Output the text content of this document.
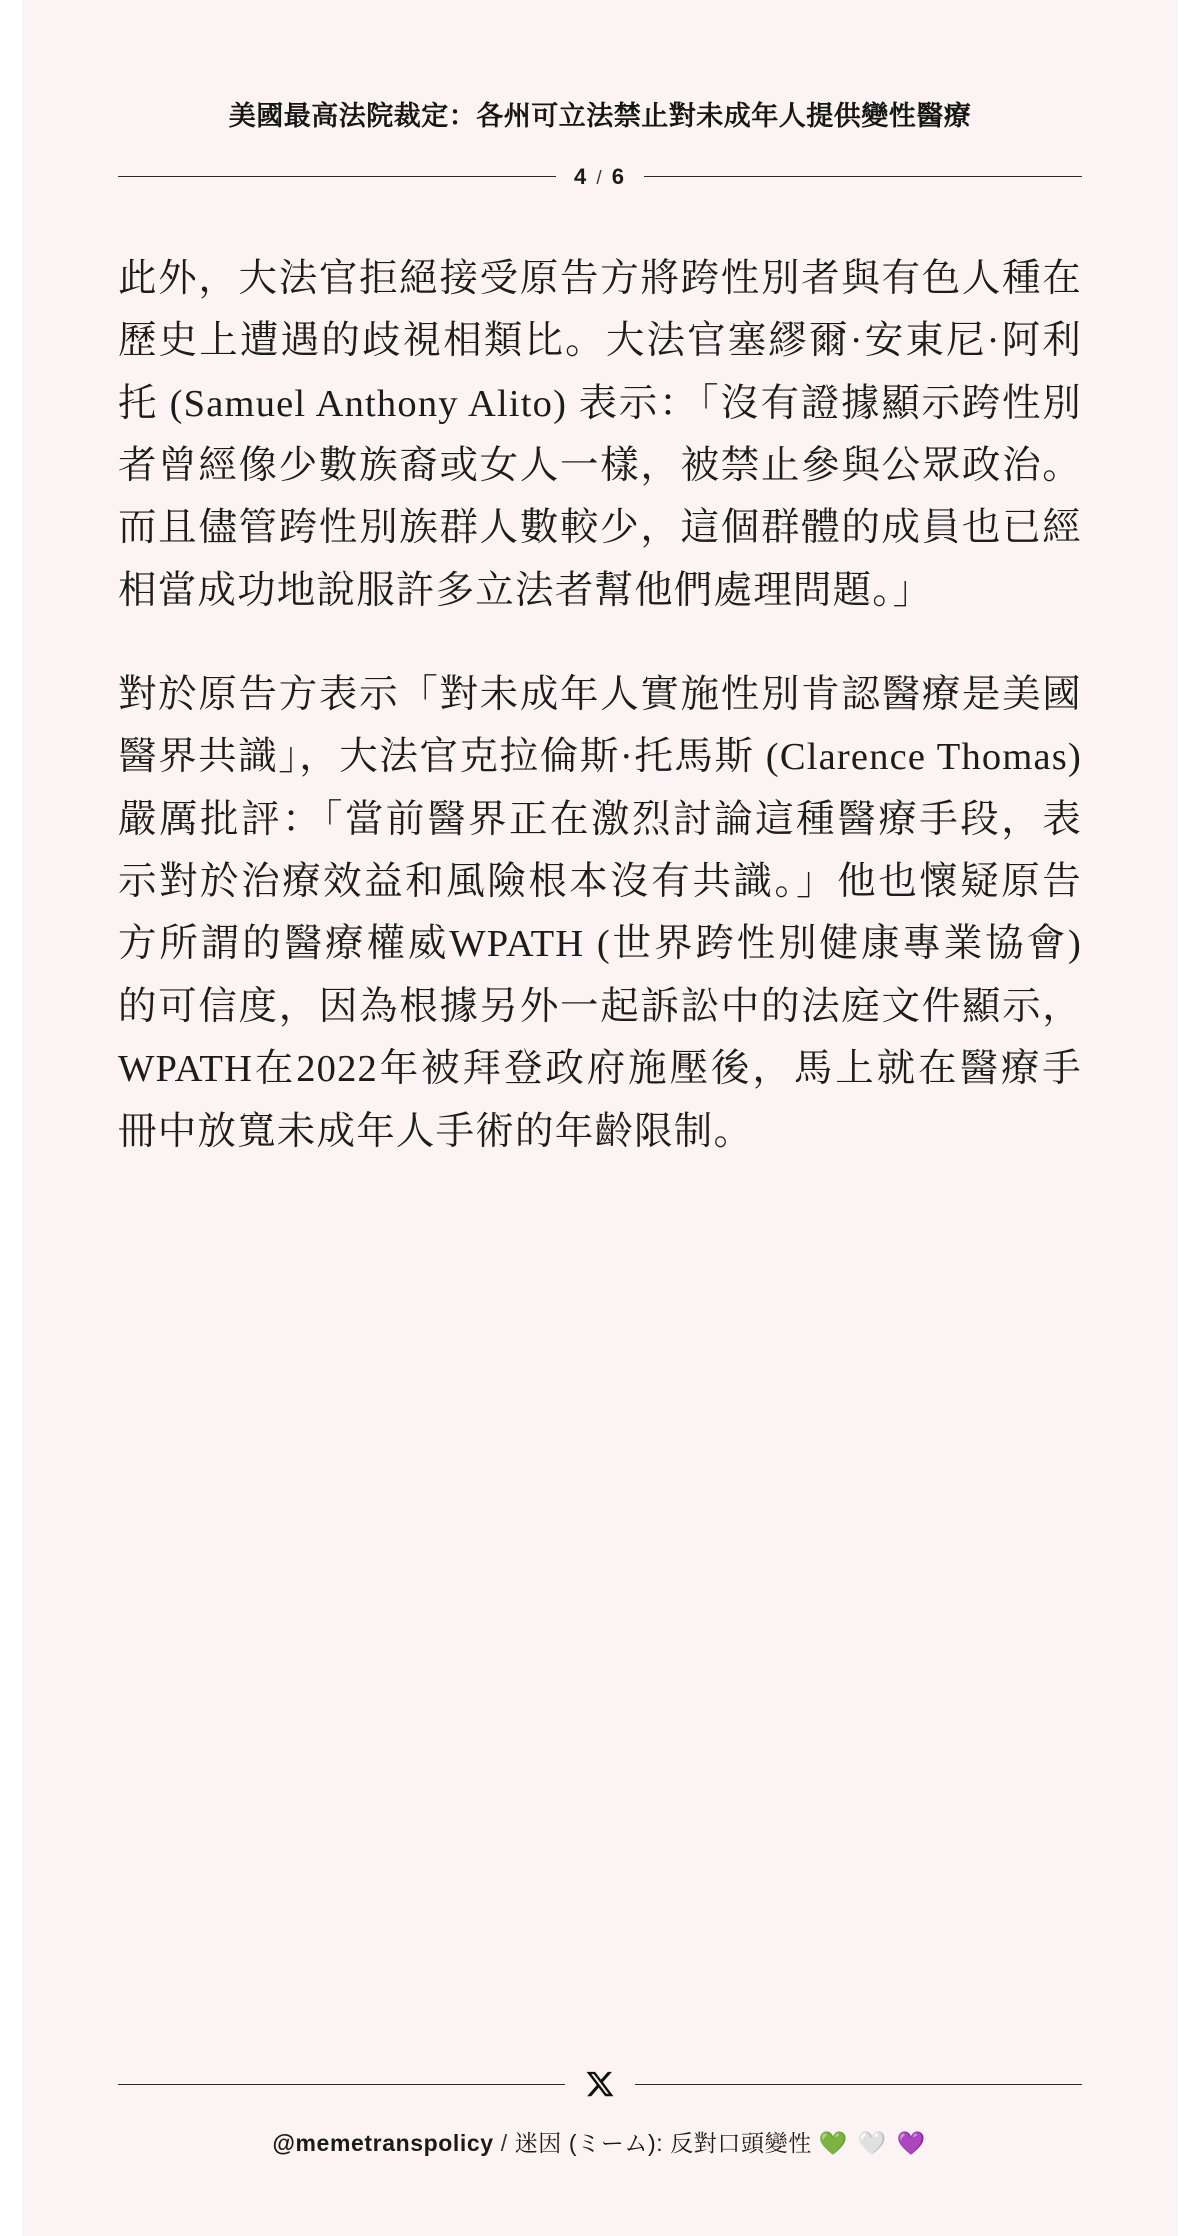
美國最高法院裁定：各州可立法禁止對未成年人提供變性醫療
4 / 6

此外，大法官拒絕接受原告方將跨性別者與有色人種在歷史上遭遇的歧視相類比。大法官塞繆爾·安東尼·阿利托 (Samuel Anthony Alito) 表示：「沒有證據顯示跨性別者曾經像少數族裔或女人一樣，被禁止參與公眾政治。而且儘管跨性別族群人數較少，這個群體的成員也已經相當成功地說服許多立法者幫他們處理問題。」

對於原告方表示「對未成年人實施性別肯認醫療是美國醫界共識」，大法官克拉倫斯·托馬斯 (Clarence Thomas) 嚴厲批評：「當前醫界正在激烈討論這種醫療手段，表示對於治療效益和風險根本沒有共識。」他也懷疑原告方所謂的醫療權威WPATH (世界跨性別健康專業協會) 的可信度，因為根據另外一起訴訟中的法庭文件顯示，WPATH在2022年被拜登政府施壓後，馬上就在醫療手冊中放寬未成年人手術的年齡限制。

@memetranspolicy / 迷因 (ミーム): 反對口頭變性 💚 🤍 💜
